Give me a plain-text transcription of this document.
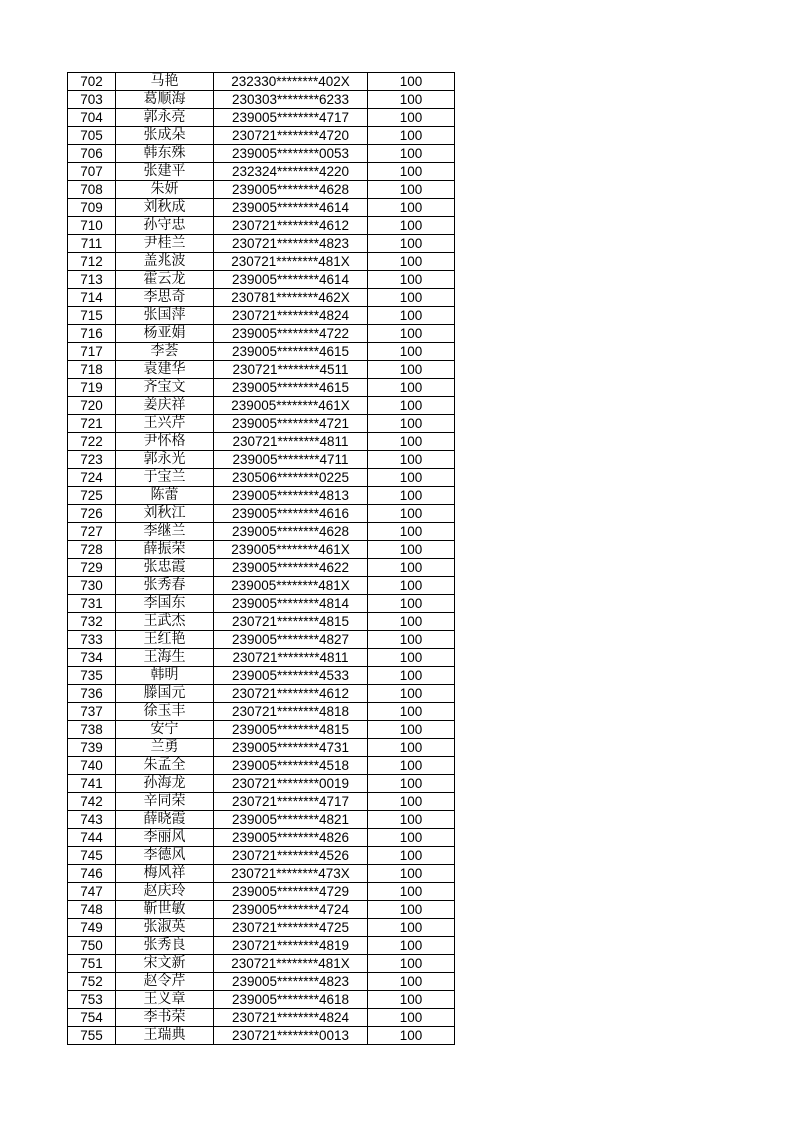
702	马艳	232330********402X	100
703	葛顺海	230303********6233	100
704	郭永亮	239005********4717	100
705	张成朵	230721********4720	100
706	韩东殊	239005********0053	100
707	张建平	232324********4220	100
708	朱妍	239005********4628	100
709	刘秋成	239005********4614	100
710	孙守忠	230721********4612	100
711	尹桂兰	230721********4823	100
712	盖兆波	230721********481X	100
713	霍云龙	239005********4614	100
714	李思奇	230781********462X	100
715	张国萍	230721********4824	100
716	杨亚娟	239005********4722	100
717	李荟	239005********4615	100
718	袁建华	230721********4511	100
719	齐宝文	239005********4615	100
720	姜庆祥	239005********461X	100
721	王兴芹	239005********4721	100
722	尹怀格	230721********4811	100
723	郭永光	239005********4711	100
724	于宝兰	230506********0225	100
725	陈蕾	239005********4813	100
726	刘秋江	239005********4616	100
727	李继兰	239005********4628	100
728	薛振荣	239005********461X	100
729	张忠霞	239005********4622	100
730	张秀春	239005********481X	100
731	李国东	239005********4814	100
732	王武杰	230721********4815	100
733	王红艳	239005********4827	100
734	王海生	230721********4811	100
735	韩明	239005********4533	100
736	滕国元	230721********4612	100
737	徐玉丰	230721********4818	100
738	安宁	239005********4815	100
739	兰勇	239005********4731	100
740	朱孟全	239005********4518	100
741	孙海龙	230721********0019	100
742	辛同荣	230721********4717	100
743	薛晓霞	239005********4821	100
744	李丽风	239005********4826	100
745	李德风	230721********4526	100
746	梅风祥	230721********473X	100
747	赵庆玲	239005********4729	100
748	靳世敏	239005********4724	100
749	张淑英	230721********4725	100
750	张秀良	230721********4819	100
751	宋文新	230721********481X	100
752	赵令芹	239005********4823	100
753	王义章	239005********4618	100
754	李书荣	230721********4824	100
755	王瑞典	230721********0013	100
